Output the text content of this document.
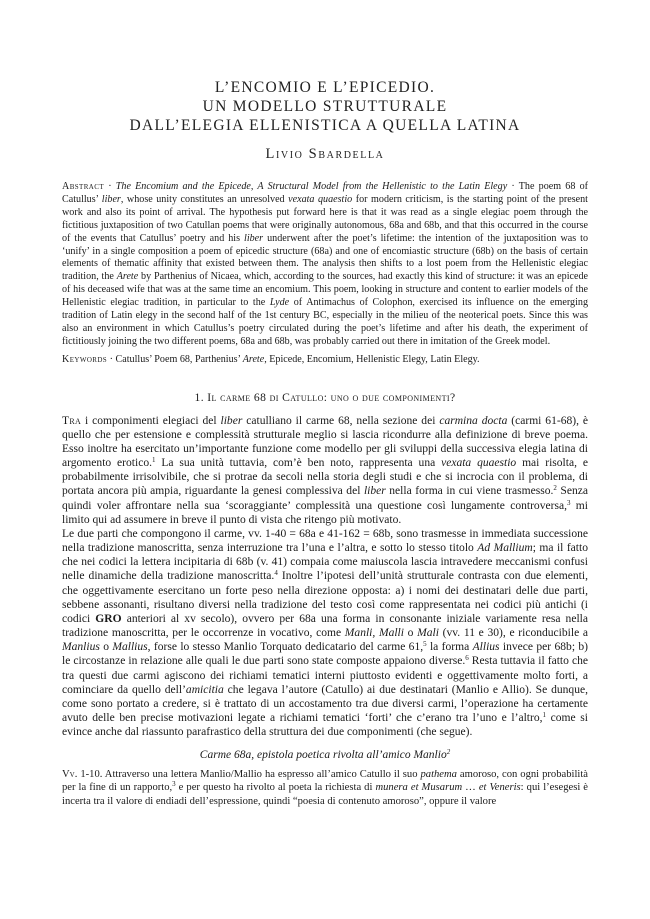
L’ENCOMIO E L’EPICEDIO.
UN MODELLO STRUTTURALE
DALL’ELEGIA ELLENISTICA A QUELLA LATINA
Livio Sbardella
Abstract · The Encomium and the Epicede, A Structural Model from the Hellenistic to the Latin Elegy · The poem 68 of Catullus’ liber, whose unity constitutes an unresolved vexata quaestio for modern criticism, is the starting point of the present work and also its point of arrival. The hypothesis put forward here is that it was read as a single elegiac poem through the fictitious juxtaposition of two Catullan poems that were originally autonomous, 68a and 68b, and that this occurred in the course of the events that Catullus’ poetry and his liber underwent after the poet’s lifetime: the intention of the juxtaposition was to ‘unify’ in a single composition a poem of epicedic structure (68a) and one of encomiastic structure (68b) on the basis of certain elements of thematic affinity that existed between them. The analysis then shifts to a lost poem from the Hellenistic elegiac tradition, the Arete by Parthenius of Nicaea, which, according to the sources, had exactly this kind of structure: it was an epicede of his deceased wife that was at the same time an encomium. This poem, looking in structure and content to earlier models of the Hellenistic elegiac tradition, in particular to the Lyde of Antimachus of Colophon, exercised its influence on the emerging tradition of Latin elegy in the second half of the 1st century BC, especially in the milieu of the neoterical poets. Since this was also an environment in which Catullus’s poetry circulated during the poet’s lifetime and after his death, the experiment of fictitiously joining the two different poems, 68a and 68b, was probably carried out there in imitation of the Greek model.
Keywords · Catullus’ Poem 68, Parthenius’ Arete, Epicede, Encomium, Hellenistic Elegy, Latin Elegy.
1. Il carme 68 di Catullo: uno o due componimenti?

Tra i componimenti elegiaci del liber catulliano il carme 68, nella sezione dei carmina docta (carmi 61-68), è quello che per estensione e complessità strutturale meglio si lascia ricondurre alla definizione di breve poema. Esso inoltre ha esercitato un’importante funzione come modello per gli sviluppi della successiva elegia latina di argomento erotico.$^1$ La sua unità tuttavia, com’è ben noto, rappresenta una vexata quaestio mai risolta, e probabilmente irrisolvibile, che si protrae da secoli nella storia degli studi e che si incrocia con il problema, di portata ancora più ampia, riguardante la genesi complessiva del liber nella forma in cui viene trasmesso.$^2$ Senza quindi voler affrontare nella sua ‘scoraggiante’ complessità una questione così lungamente controversa,$^3$ mi limito qui ad assumere in breve il punto di vista che ritengo più motivato.

Le due parti che compongono il carme, vv. 1-40 = 68a e 41-162 = 68b, sono trasmesse in immediata successione nella tradizione manoscritta, senza interruzione tra l’una e l’altra, e sotto lo stesso titolo Ad Mallium; ma il fatto che nei codici la lettera incipitaria di 68b (v. 41) compaia come maiuscola lascia intravedere meccanismi confusi nelle dinamiche della tradizione manoscritta.$^4$ Inoltre l’ipotesi dell’unità strutturale contrasta con due elementi, che oggettivamente esercitano un forte peso nella direzione opposta: a) i nomi dei destinatari delle due parti, sebbene assonanti, risultano diversi nella tradizione del testo così come rappresentata nei codici più antichi (i codici GRO anteriori al xv secolo), ovvero per 68a una forma in consonante iniziale variamente resa nella tradizione manoscritta, per le occorrenze in vocativo, come Manli, Malli o Mali (vv. 11 e 30), e riconducibile a Manlius o Mallius, forse lo stesso Manlio Torquato dedicatario del carme 61,$^5$ la forma Allius invece per 68b; b) le circostanze in relazione alle quali le due parti sono state composte appaiono diverse.$^6$ Resta tuttavia il fatto che tra questi due carmi agiscono dei richiami tematici interni piuttosto evidenti e oggettivamente molto forti, a cominciare da quello dell’amicitia che legava l’autore (Catullo) ai due destinatari (Manlio e Allio). Se dunque, come sono portato a credere, si è trattato di un accostamento tra due diversi carmi, l’operazione ha certamente avuto delle ben precise motivazioni legate a richiami tematici ‘forti’ che c’erano tra l’uno e l’altro,$^1$ come si evince anche dal riassunto parafrastico della struttura dei due componimenti (che segue).

Carme 68a, epistola poetica rivolta all’amico Manlio$^2$
Vv. 1-10. Attraverso una lettera Manlio/Mallio ha espresso all’amico Catullo il suo pathema amoroso, con ogni probabilità per la fine di un rapporto,$^3$ e per questo ha rivolto al poeta la richiesta di munera et Musarum … et Veneris: qui l’esegesi è incerta tra il valore di endiadi dell’espressione, quindi “poesia di contenuto amoroso”, oppure il valore
